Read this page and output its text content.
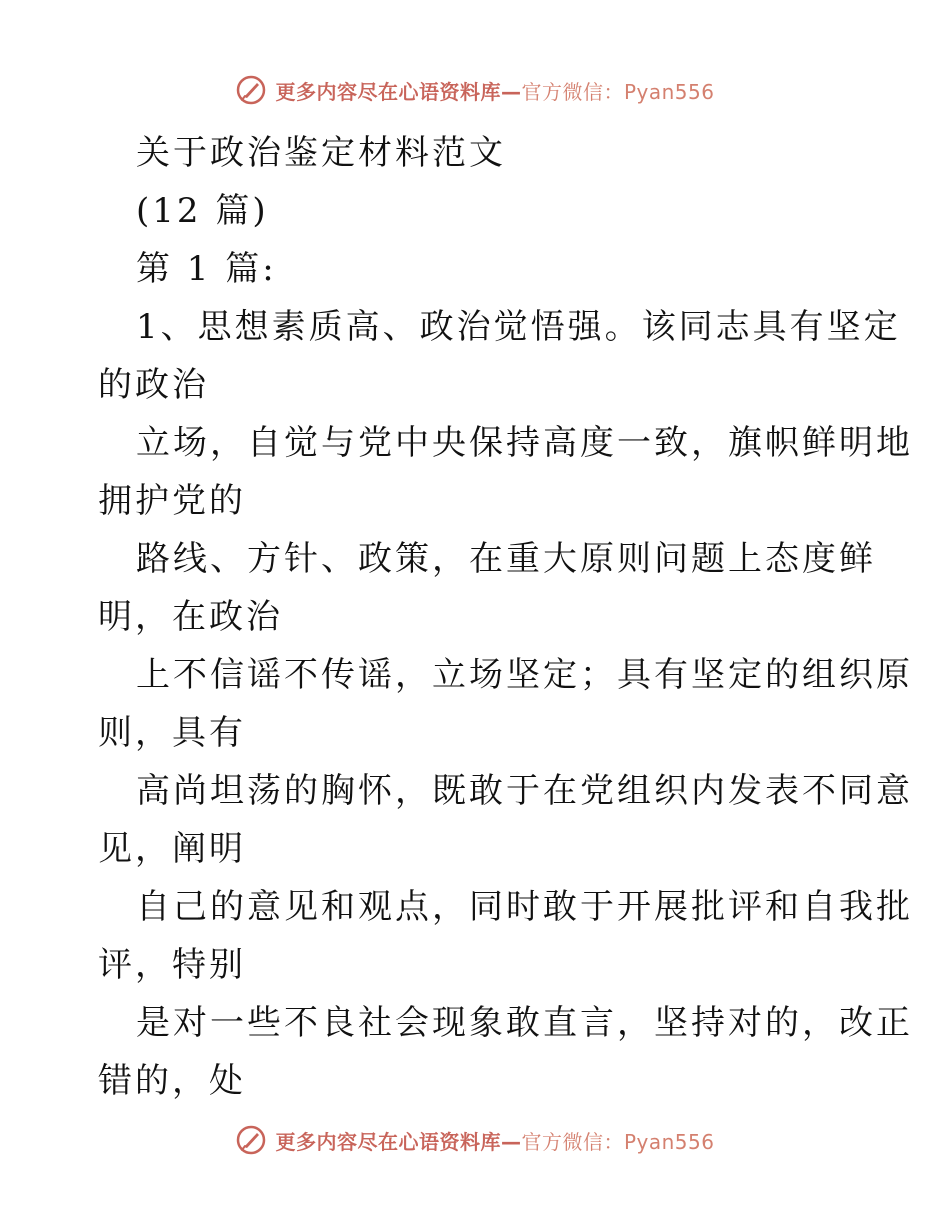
更多内容尽在心语资料库—官方微信：Pyan556
关于政治鉴定材料范文
(12 篇)
第 1 篇:
1、思想素质高、政治觉悟强。该同志具有坚定
的政治
立场，自觉与党中央保持高度一致，旗帜鲜明地
拥护党的
路线、方针、政策，在重大原则问题上态度鲜
明，在政治
上不信谣不传谣，立场坚定；具有坚定的组织原
则，具有
高尚坦荡的胸怀，既敢于在党组织内发表不同意
见，阐明
自己的意见和观点，同时敢于开展批评和自我批
评，特别
是对一些不良社会现象敢直言，坚持对的，改正
错的，处
更多内容尽在心语资料库—官方微信：Pyan556
